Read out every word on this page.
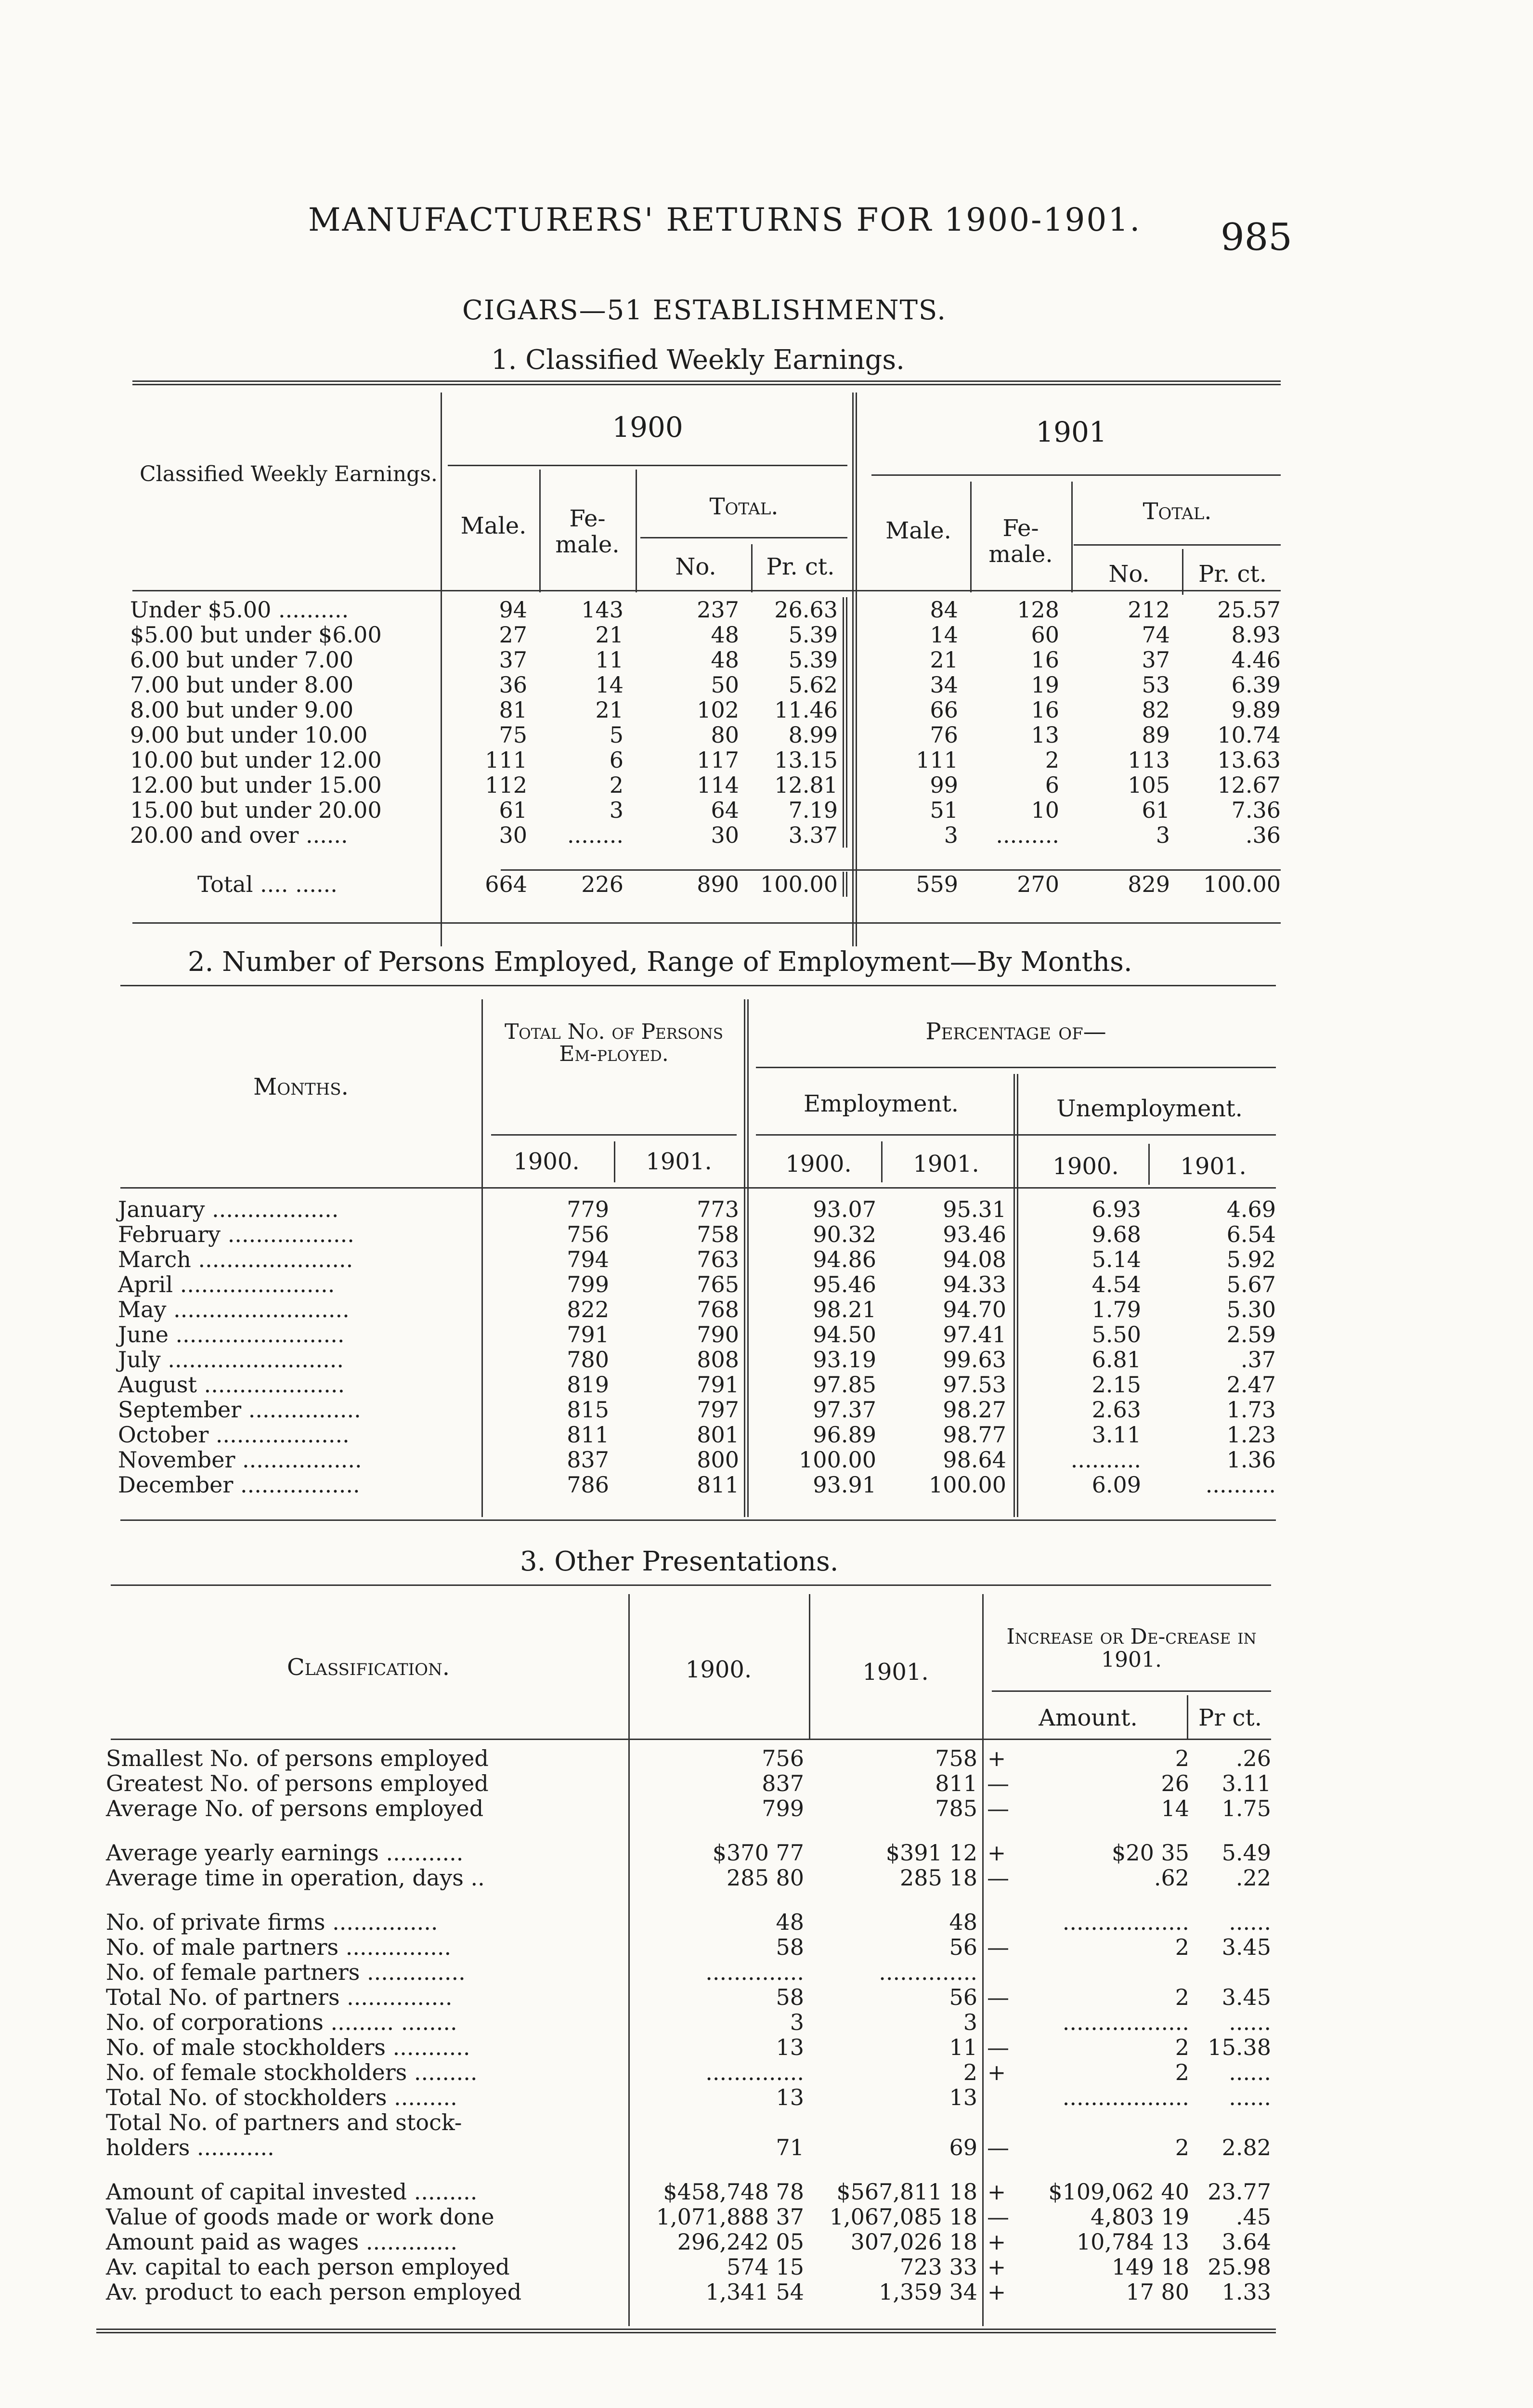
MANUFACTURERS' RETURNS FOR 1900-1901. 985
CIGARS—51 ESTABLISHMENTS.
1. Classified Weekly Earnings.
Classified Weekly Earnings.
1900	1901
Male.	Fe-male.
Total.
No.	Pr. ct.
Male.	Fe-male.
Total.
No.	Pr. ct.
Under $5.00 ..........	94	143	237	26.63	84	128	212	25.57
$5.00 but under $6.00	27	21	48	5.39	14	60	74	8.93
6.00 but under 7.00	37	11	48	5.39	21	16	37	4.46
7.00 but under 8.00	36	14	50	5.62	34	19	53	6.39
8.00 but under 9.00	81	21	102	11.46	66	16	82	9.89
9.00 but under 10.00	75	5	80	8.99	76	13	89	10.74
10.00 but under 12.00	111	6	117	13.15	111	2	113	13.63
12.00 but under 15.00	112	2	114	12.81	99	6	105	12.67
15.00 but under 20.00	61	3	64	7.19	51	10	61	7.36
20.00 and over ......	30	........	30	3.37	3	.........	3	.36

Total .... ......	664	226	890	100.00	559	270	829	100.00
2. Number of Persons Employed, Range of Employment—By Months.
Months.
Total No. of Persons Em-ployed.
Percentage of—
Employment.	Unemployment.
1900.	1901.	1900.	1901.	1900.	1901.
January ..................	779	773	93.07	95.31	6.93	4.69
February ..................	756	758	90.32	93.46	9.68	6.54
March ......................	794	763	94.86	94.08	5.14	5.92
April ......................	799	765	95.46	94.33	4.54	5.67
May .........................	822	768	98.21	94.70	1.79	5.30
June ........................	791	790	94.50	97.41	5.50	2.59
July .........................	780	808	93.19	99.63	6.81	.37
August ....................	819	791	97.85	97.53	2.15	2.47
September ................	815	797	97.37	98.27	2.63	1.73
October ...................	811	801	96.89	98.77	3.11	1.23
November .................	837	800	100.00	98.64	..........	1.36
December .................	786	811	93.91	100.00	6.09	..........
3. Other Presentations.
Classification.	1900.	1901.
Increase or De-crease in 1901.
Amount.	Pr ct.
Smallest No. of persons employed	756	758	+	2	.26
Greatest No. of persons employed	837	811	—	26	3.11
Average No. of persons employed	799	785	—	14	1.75

Average yearly earnings ...........	$370 77	$391 12	+	$20 35	5.49
Average time in operation, days ..	285 80	285 18	—	.62	.22

No. of private firms ...............	48	48		..................	......
No. of male partners ...............	58	56	—	2	3.45
No. of female partners ..............	..............	..............			
Total No. of partners ...............	58	56	—	2	3.45
No. of corporations ......... ........	3	3		..................	......
No. of male stockholders ...........	13	11	—	2	15.38
No. of female stockholders .........	..............	2	+	2	......
Total No. of stockholders .........	13	13		..................	......
Total No. of partners and stock-					
holders ...........	71	69	—	2	2.82

Amount of capital invested .........	$458,748 78	$567,811 18	+	$109,062 40	23.77
Value of goods made or work done	1,071,888 37	1,067,085 18	—	4,803 19	.45
Amount paid as wages .............	296,242 05	307,026 18	+	10,784 13	3.64
Av. capital to each person employed	574 15	723 33	+	149 18	25.98
Av. product to each person employed	1,341 54	1,359 34	+	17 80	1.33
